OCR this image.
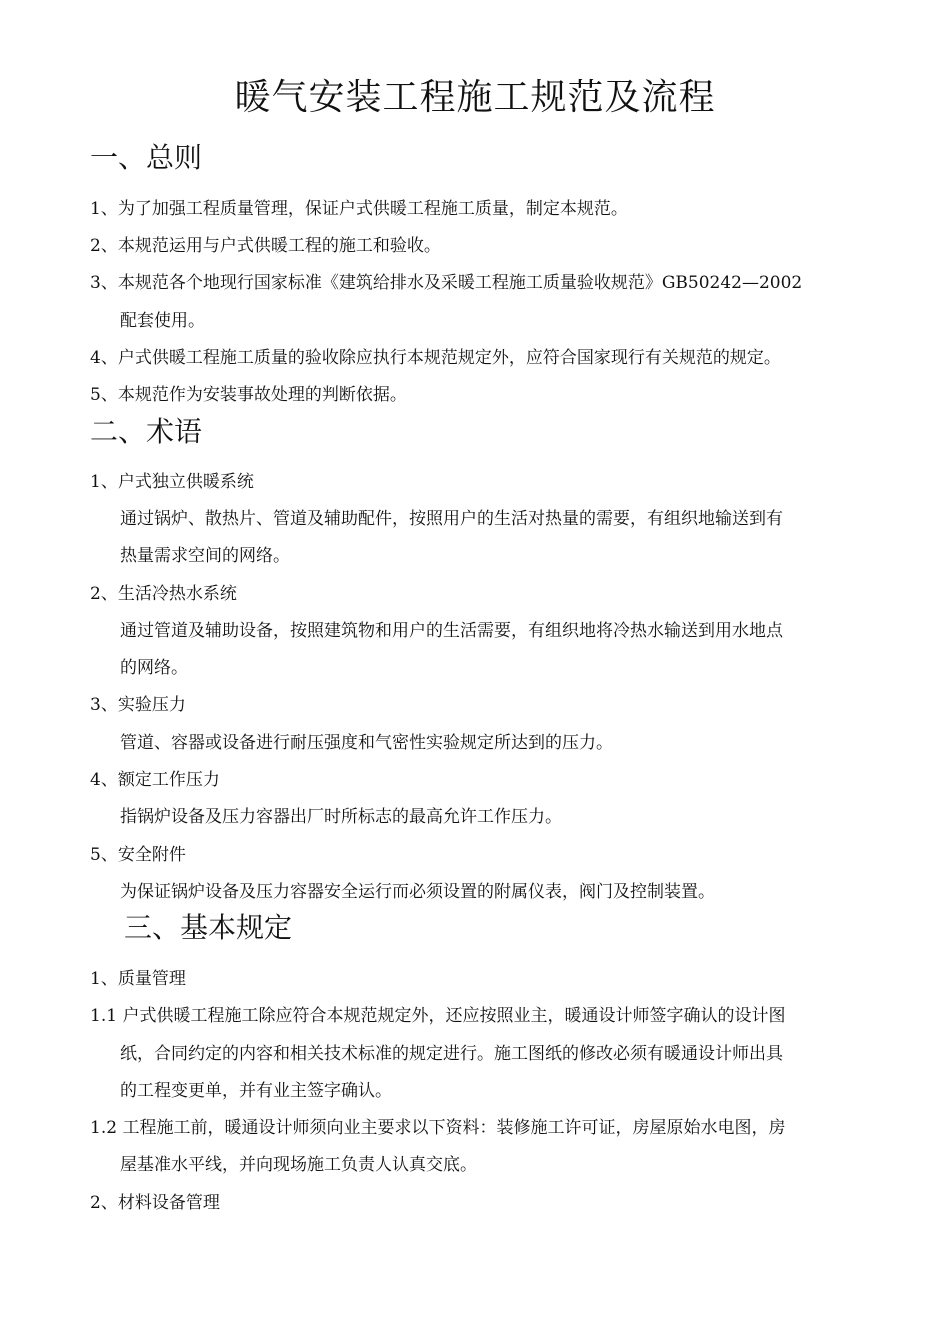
暖气安装工程施工规范及流程
一、总则
1、为了加强工程质量管理，保证户式供暖工程施工质量，制定本规范。
2、本规范运用与户式供暖工程的施工和验收。
3、本规范各个地现行国家标准《建筑给排水及采暖工程施工质量验收规范》GB50242—2002
配套使用。
4、户式供暖工程施工质量的验收除应执行本规范规定外，应符合国家现行有关规范的规定。
5、本规范作为安装事故处理的判断依据。
二、术语
1、户式独立供暖系统
通过锅炉、散热片、管道及辅助配件，按照用户的生活对热量的需要，有组织地输送到有
热量需求空间的网络。
2、生活冷热水系统
通过管道及辅助设备，按照建筑物和用户的生活需要，有组织地将冷热水输送到用水地点
的网络。
3、实验压力
管道、容器或设备进行耐压强度和气密性实验规定所达到的压力。
4、额定工作压力
指锅炉设备及压力容器出厂时所标志的最高允许工作压力。
5、安全附件
为保证锅炉设备及压力容器安全运行而必须设置的附属仪表，阀门及控制装置。
三、基本规定
1、质量管理
1.1 户式供暖工程施工除应符合本规范规定外，还应按照业主，暖通设计师签字确认的设计图
纸，合同约定的内容和相关技术标准的规定进行。施工图纸的修改必须有暖通设计师出具
的工程变更单，并有业主签字确认。
1.2 工程施工前，暖通设计师须向业主要求以下资料：装修施工许可证，房屋原始水电图，房
屋基准水平线，并向现场施工负责人认真交底。
2、材料设备管理
